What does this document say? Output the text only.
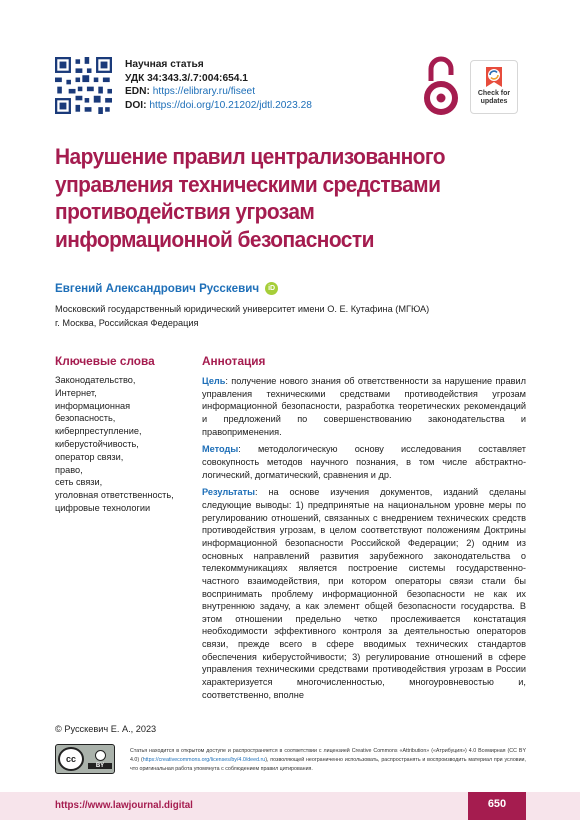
Научная статья
УДК 34:343.3/.7:004:654.1
EDN: https://elibrary.ru/fiseet
DOI: https://doi.org/10.21202/jdtl.2023.28
Check for
updates
Нарушение правил централизованного управления техническими средствами противодействия угрозам информационной безопасности
Евгений Александрович Русскевич	iD
Московский государственный юридический университет имени О. Е. Кутафина (МГЮА)
г. Москва, Российская Федерация
Ключевые слова
Законодательство,
Интернет,
информационная
безопасность,
киберпреступление,
киберустойчивость,
оператор связи,
право,
сеть связи,
уголовная ответственность,
цифровые технологии
Аннотация

Цель: получение нового знания об ответственности за нарушение правил управления техническими средствами противодействия угрозам информационной безопасности, разработка теоретических рекомендаций и предложений по совершенствованию законодательства и правоприменения.

Методы: методологическую основу исследования составляет совокупность методов научного познания, в том числе абстрактно-логический, догматический, сравнения и др.

Результаты: на основе изучения документов, изданий сделаны следующие выводы: 1) предпринятые на национальном уровне меры по регулированию отношений, связанных с внедрением технических средств противодействия угрозам, в целом соответствуют положениям Доктрины информационной безопасности Российской Федерации; 2) одним из основных направлений развития зарубежного законодательства о телекоммуникациях является построение системы государственно-частного взаимодействия, при котором операторы связи стали бы воспринимать проблему информационной безопасности не как их внутреннюю задачу, а как элемент общей безопасности государства. В этом отношении предельно четко прослеживается констатация необходимости эффективного контроля за деятельностью операторов связи, прежде всего в сфере вводимых технических стандартов обеспечения киберустойчивости; 3) регулирование отношений в сфере управления техническими средствами противодействия угрозам в России характеризуется многочисленностью, многоуровневостью и, соответственно, вполне

© Русскевич Е. А., 2023
cc
BY
Статья находится в открытом доступе и распространяется в соответствии с лицензией Creative Commons «Attribution» («Атрибуция») 4.0 Всемирная (CC BY 4.0) (https://creativecommons.org/licenses/by/4.0/deed.ru), позволяющей неограниченно использовать, распространять и воспроизводить материал при условии, что оригинальная работа упомянута с соблюдением правил цитирования.
https://www.lawjournal.digital	650
